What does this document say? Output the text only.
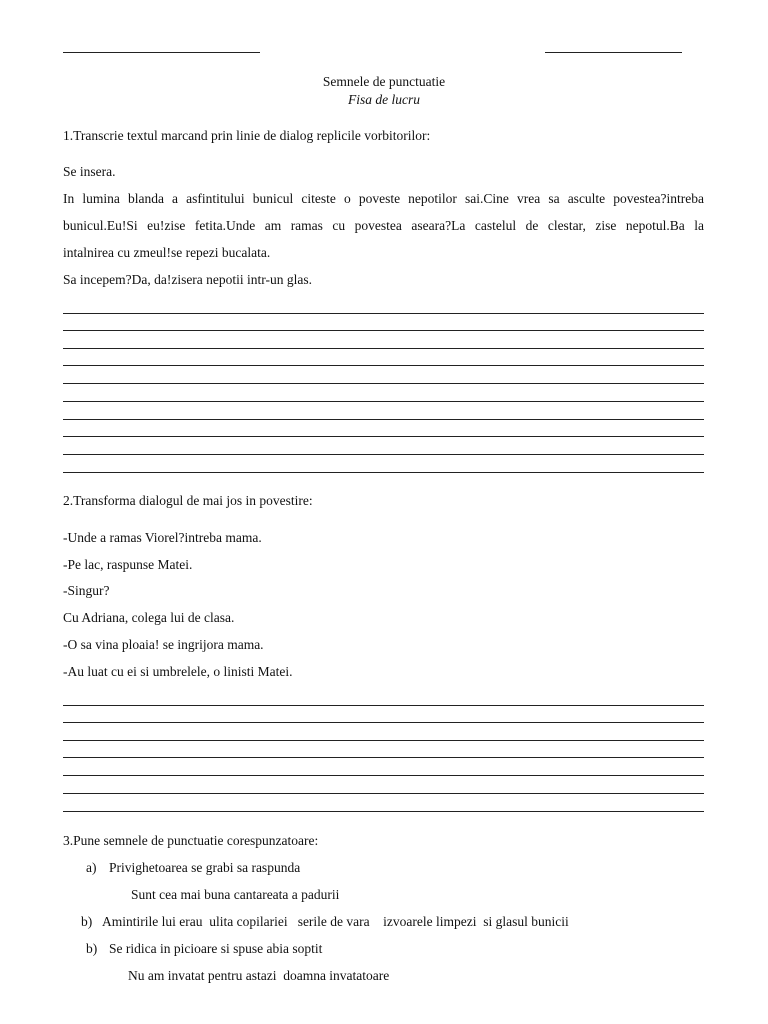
Semnele de punctuatie
Fisa de lucru
1.Transcrie textul marcand prin linie de dialog replicile vorbitorilor:
Se insera.
In lumina blanda a asfintitului bunicul citeste o poveste nepotilor sai.Cine vrea sa asculte povestea?intreba
bunicul.Eu!Si eu!zise fetita.Unde am ramas cu povestea aseara?La castelul de clestar, zise nepotul.Ba la
intalnirea cu zmeul!se repezi bucalata.
Sa incepem?Da, da!zisera nepotii intr-un glas.
2.Transforma dialogul de mai jos in povestire:
-Unde a ramas Viorel?intreba mama.
-Pe lac, raspunse Matei.
-Singur?
Cu Adriana, colega lui de clasa.
-O sa vina ploaia! se ingrijora mama.
-Au luat cu ei si umbrelele, o linisti Matei.
3.Pune semnele de punctuatie corespunzatoare:
a) Privighetoarea se grabi sa raspunda
Sunt cea mai buna cantareata a padurii
b) Amintirile lui erau  ulita copilariei   serile de vara    izvoarele limpezi  si glasul bunicii
b) Se ridica in picioare si spuse abia soptit
Nu am invatat pentru astazi  doamna invatatoare
